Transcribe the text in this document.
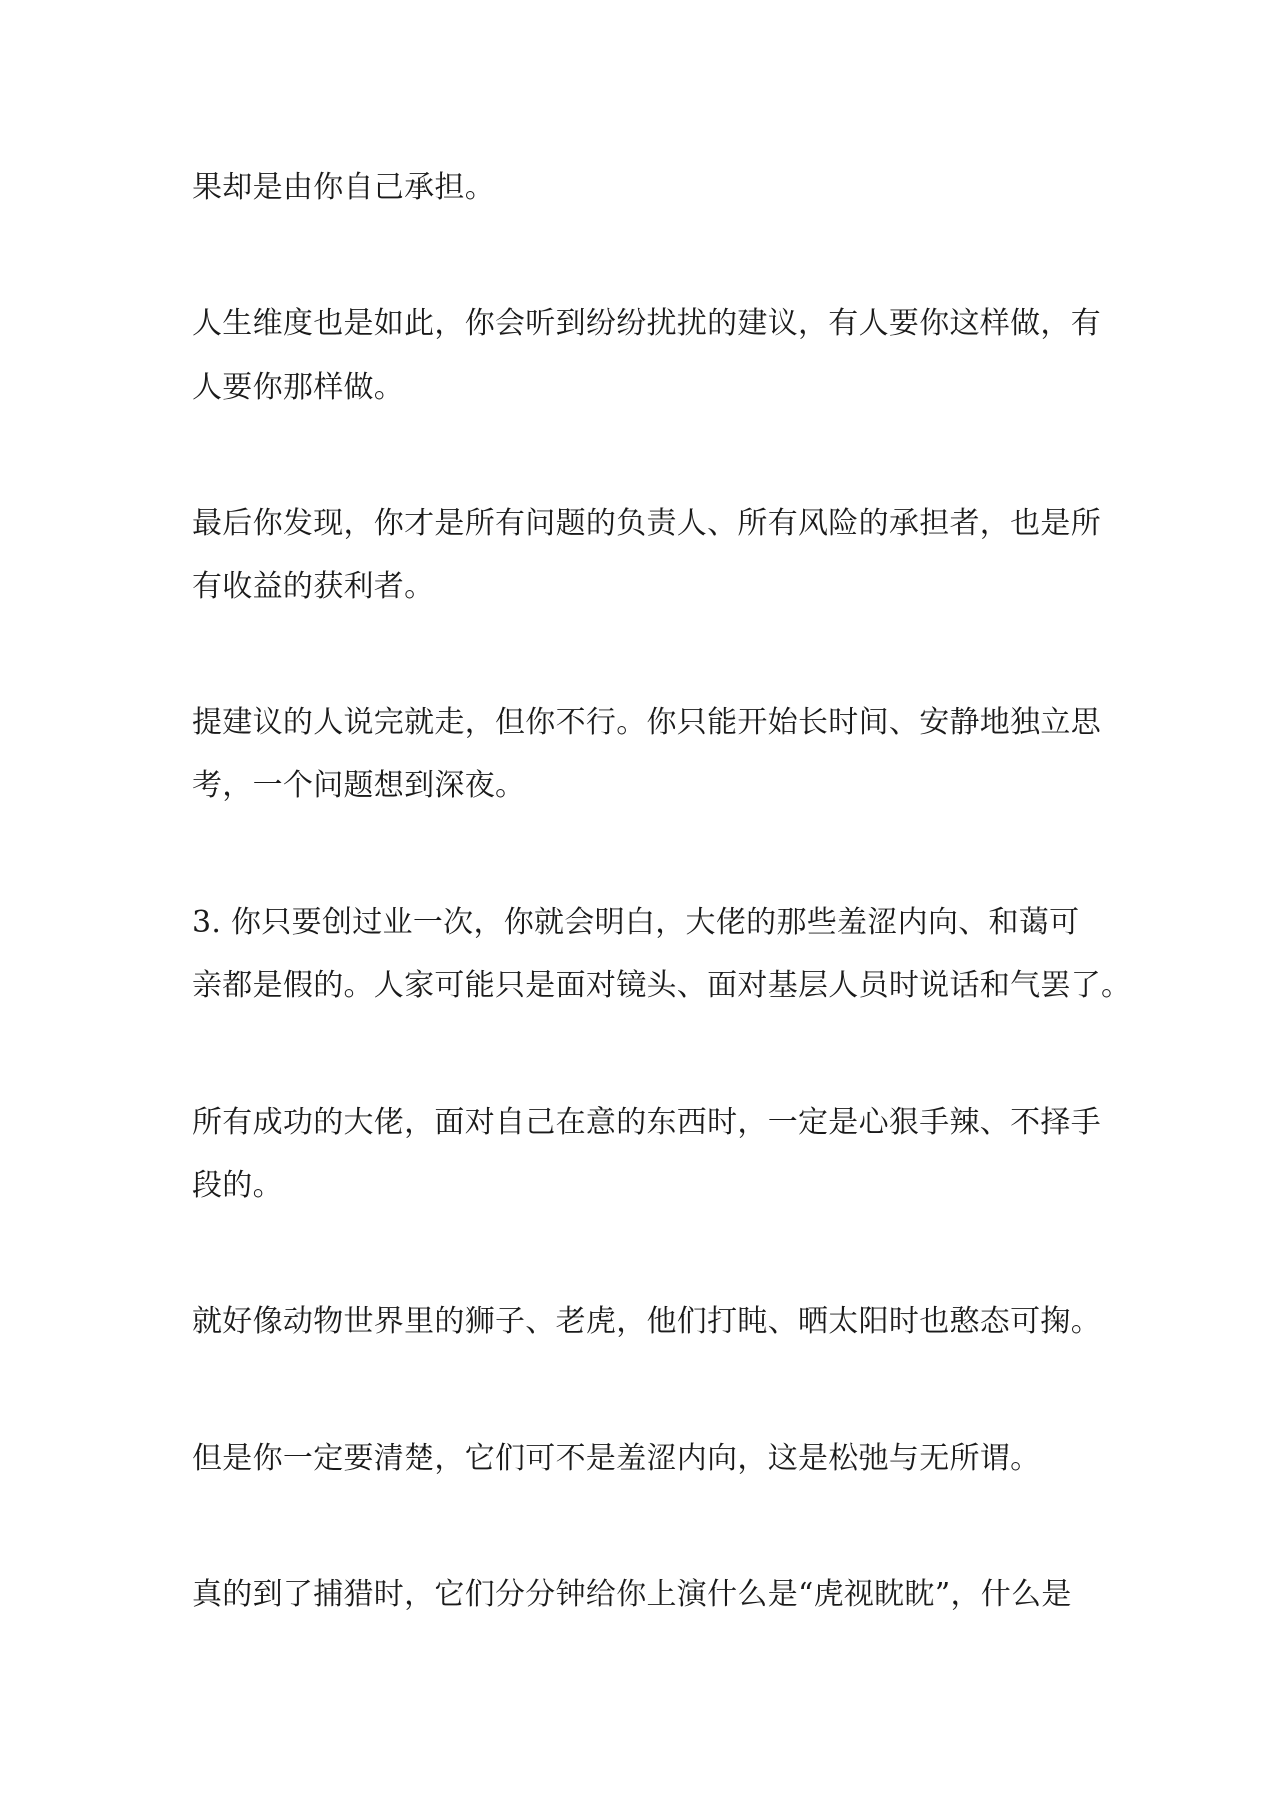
果却是由你自己承担。
人生维度也是如此，你会听到纷纷扰扰的建议，有人要你这样做，有
人要你那样做。
最后你发现，你才是所有问题的负责人、所有风险的承担者，也是所
有收益的获利者。
提建议的人说完就走，但你不行。你只能开始长时间、安静地独立思
考，一个问题想到深夜。
3. 你只要创过业一次，你就会明白，大佬的那些羞涩内向、和蔼可
亲都是假的。人家可能只是面对镜头、面对基层人员时说话和气罢了。
所有成功的大佬，面对自己在意的东西时，一定是心狠手辣、不择手
段的。
就好像动物世界里的狮子、老虎，他们打盹、晒太阳时也憨态可掬。
但是你一定要清楚，它们可不是羞涩内向，这是松弛与无所谓。
真的到了捕猎时，它们分分钟给你上演什么是“虎视眈眈”，什么是
